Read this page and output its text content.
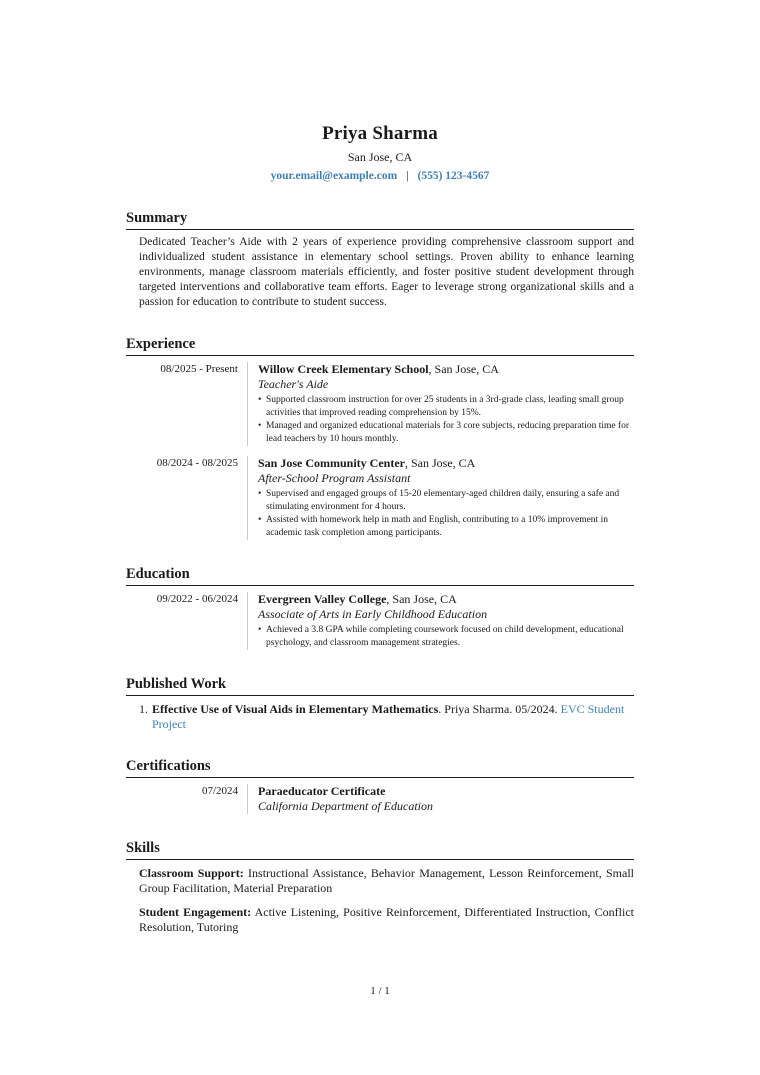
Priya Sharma
San Jose, CA
your.email@example.com | (555) 123-4567
Summary
Dedicated Teacher’s Aide with 2 years of experience providing comprehensive classroom support and individualized student assistance in elementary school settings. Proven ability to enhance learning environments, manage classroom materials efficiently, and foster positive student development through targeted interventions and collaborative team efforts. Eager to leverage strong organizational skills and a passion for education to contribute to student success.
Experience
08/2025 - Present	Willow Creek Elementary School, San Jose, CA
Teacher's Aide
• Supported classroom instruction for over 25 students in a 3rd-grade class, leading small group activities that improved reading comprehension by 15%.
• Managed and organized educational materials for 3 core subjects, reducing preparation time for lead teachers by 10 hours monthly.
08/2024 - 08/2025	San Jose Community Center, San Jose, CA
After-School Program Assistant
• Supervised and engaged groups of 15-20 elementary-aged children daily, ensuring a safe and stimulating environment for 4 hours.
• Assisted with homework help in math and English, contributing to a 10% improvement in academic task completion among participants.
Education
09/2022 - 06/2024	Evergreen Valley College, San Jose, CA
Associate of Arts in Early Childhood Education
• Achieved a 3.8 GPA while completing coursework focused on child development, educational psychology, and classroom management strategies.
Published Work
1. Effective Use of Visual Aids in Elementary Mathematics. Priya Sharma. 05/2024. EVC Student Project
Certifications
07/2024	Paraeducator Certificate
California Department of Education
Skills
Classroom Support: Instructional Assistance, Behavior Management, Lesson Reinforcement, Small Group Facilitation, Material Preparation
Student Engagement: Active Listening, Positive Reinforcement, Differentiated Instruction, Conflict Resolution, Tutoring
1 / 1
